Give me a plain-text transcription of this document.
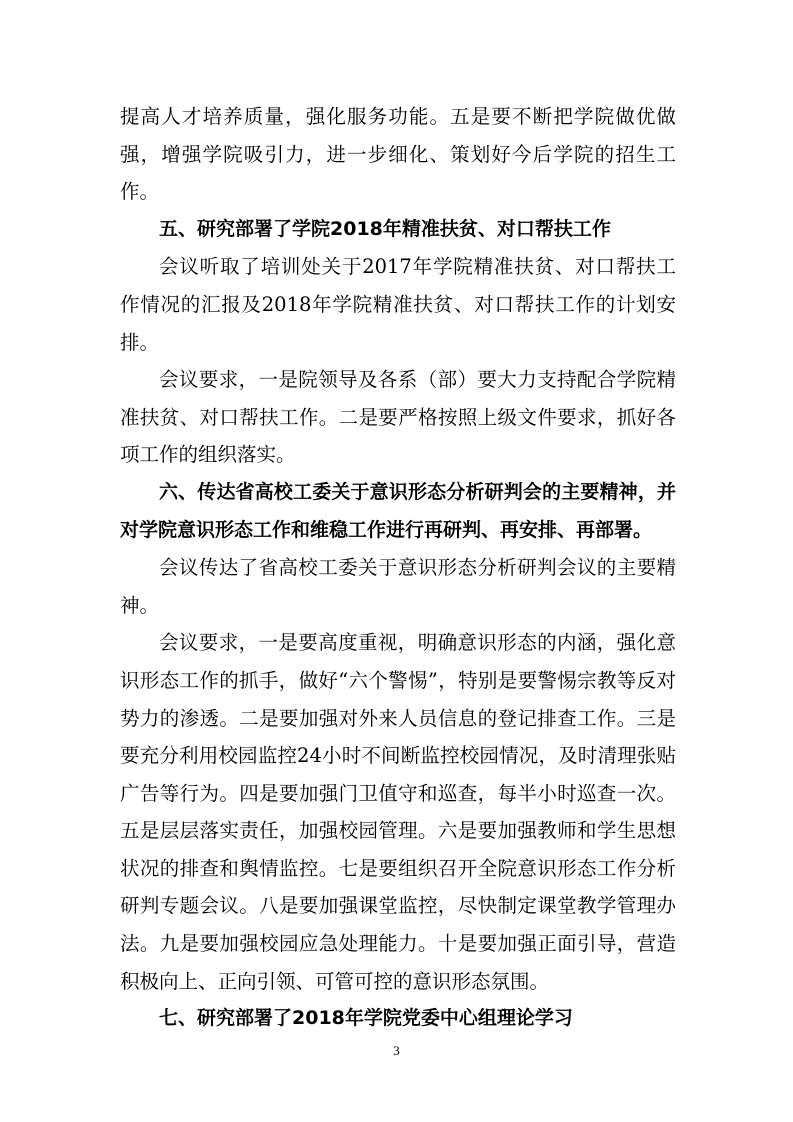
提高人才培养质量，强化服务功能。五是要不断把学院做优做强，增强学院吸引力，进一步细化、策划好今后学院的招生工作。

五、研究部署了学院2018年精准扶贫、对口帮扶工作

会议听取了培训处关于2017年学院精准扶贫、对口帮扶工作情况的汇报及2018年学院精准扶贫、对口帮扶工作的计划安排。

会议要求，一是院领导及各系（部）要大力支持配合学院精准扶贫、对口帮扶工作。二是要严格按照上级文件要求，抓好各项工作的组织落实。

六、传达省高校工委关于意识形态分析研判会的主要精神，并对学院意识形态工作和维稳工作进行再研判、再安排、再部署。

会议传达了省高校工委关于意识形态分析研判会议的主要精神。

会议要求，一是要高度重视，明确意识形态的内涵，强化意识形态工作的抓手，做好“六个警惕”，特别是要警惕宗教等反对势力的渗透。二是要加强对外来人员信息的登记排查工作。三是要充分利用校园监控24小时不间断监控校园情况，及时清理张贴广告等行为。四是要加强门卫值守和巡查，每半小时巡查一次。五是层层落实责任，加强校园管理。六是要加强教师和学生思想状况的排查和舆情监控。七是要组织召开全院意识形态工作分析研判专题会议。八是要加强课堂监控，尽快制定课堂教学管理办法。九是要加强校园应急处理能力。十是要加强正面引导，营造积极向上、正向引领、可管可控的意识形态氛围。

七、研究部署了2018年学院党委中心组理论学习

3
